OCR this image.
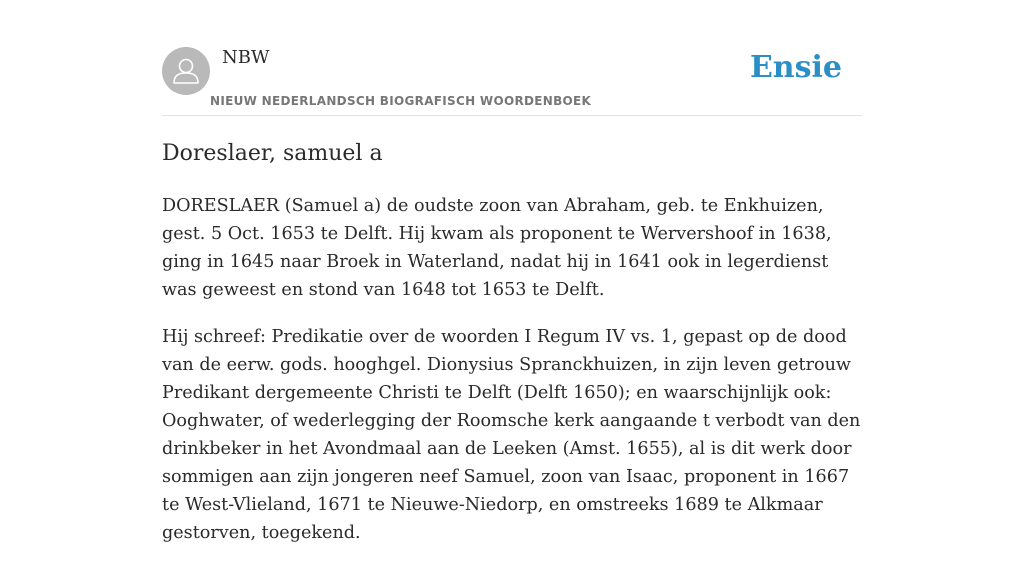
NBW
NIEUW NEDERLANDSCH BIOGRAFISCH WOORDENBOEK
Ensie
Doreslaer, samuel a

DORESLAER (Samuel a) de oudste zoon van Abraham, geb. te Enkhuizen, gest. 5 Oct. 1653 te Delft. Hij kwam als proponent te Wervershoof in 1638, ging in 1645 naar Broek in Waterland, nadat hij in 1641 ook in legerdienst was geweest en stond van 1648 tot 1653 te Delft.

Hij schreef: Predikatie over de woorden I Regum IV vs. 1, gepast op de dood van de eerw. gods. hooghgel. Dionysius Spranckhuizen, in zijn leven getrouw Predikant dergemeente Christi te Delft (Delft 1650); en waarschijnlijk ook: Ooghwater, of wederlegging der Roomsche kerk aangaande t verbodt van den drinkbeker in het Avondmaal aan de Leeken (Amst. 1655), al is dit werk door sommigen aan zijn jongeren neef Samuel, zoon van Isaac, proponent in 1667 te West-Vlieland, 1671 te Nieuwe-Niedorp, en omstreeks 1689 te Alkmaar gestorven, toegekend.
